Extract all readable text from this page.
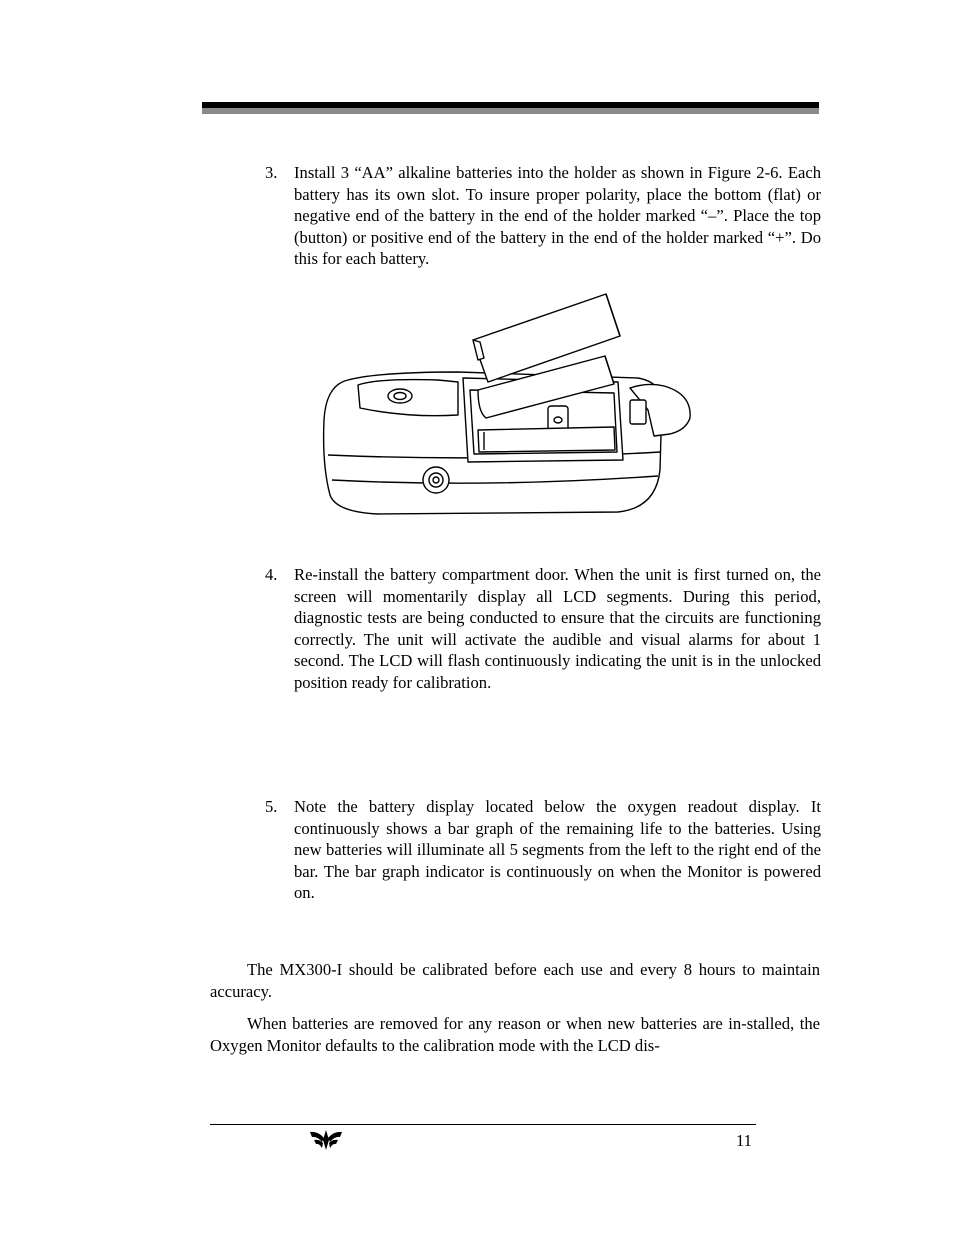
3. Install 3 “AA” alkaline batteries into the holder as shown in Figure 2-6. Each battery has its own slot. To insure proper polarity, place the bottom (flat) or negative end of the battery in the end of the holder marked “–”. Place the top (button) or positive end of the battery in the end of the holder marked “+”. Do this for each battery.
4. Re-install the battery compartment door. When the unit is first turned on, the screen will momentarily display all LCD segments. During this period, diagnostic tests are being conducted to ensure that the circuits are functioning correctly. The unit will activate the audible and visual alarms for about 1 second. The LCD will flash continuously indicating the unit is in the unlocked position ready for calibration.
5. Note the battery display located below the oxygen readout display. It continuously shows a bar graph of the remaining life to the batteries. Using new batteries will illuminate all 5 segments from the left to the right end of the bar. The bar graph indicator is continuously on when the Monitor is powered on.
The MX300-I should be calibrated before each use and every 8 hours to maintain accuracy.
When batteries are removed for any reason or when new batteries are in-stalled, the Oxygen Monitor defaults to the calibration mode with the LCD dis-
11
